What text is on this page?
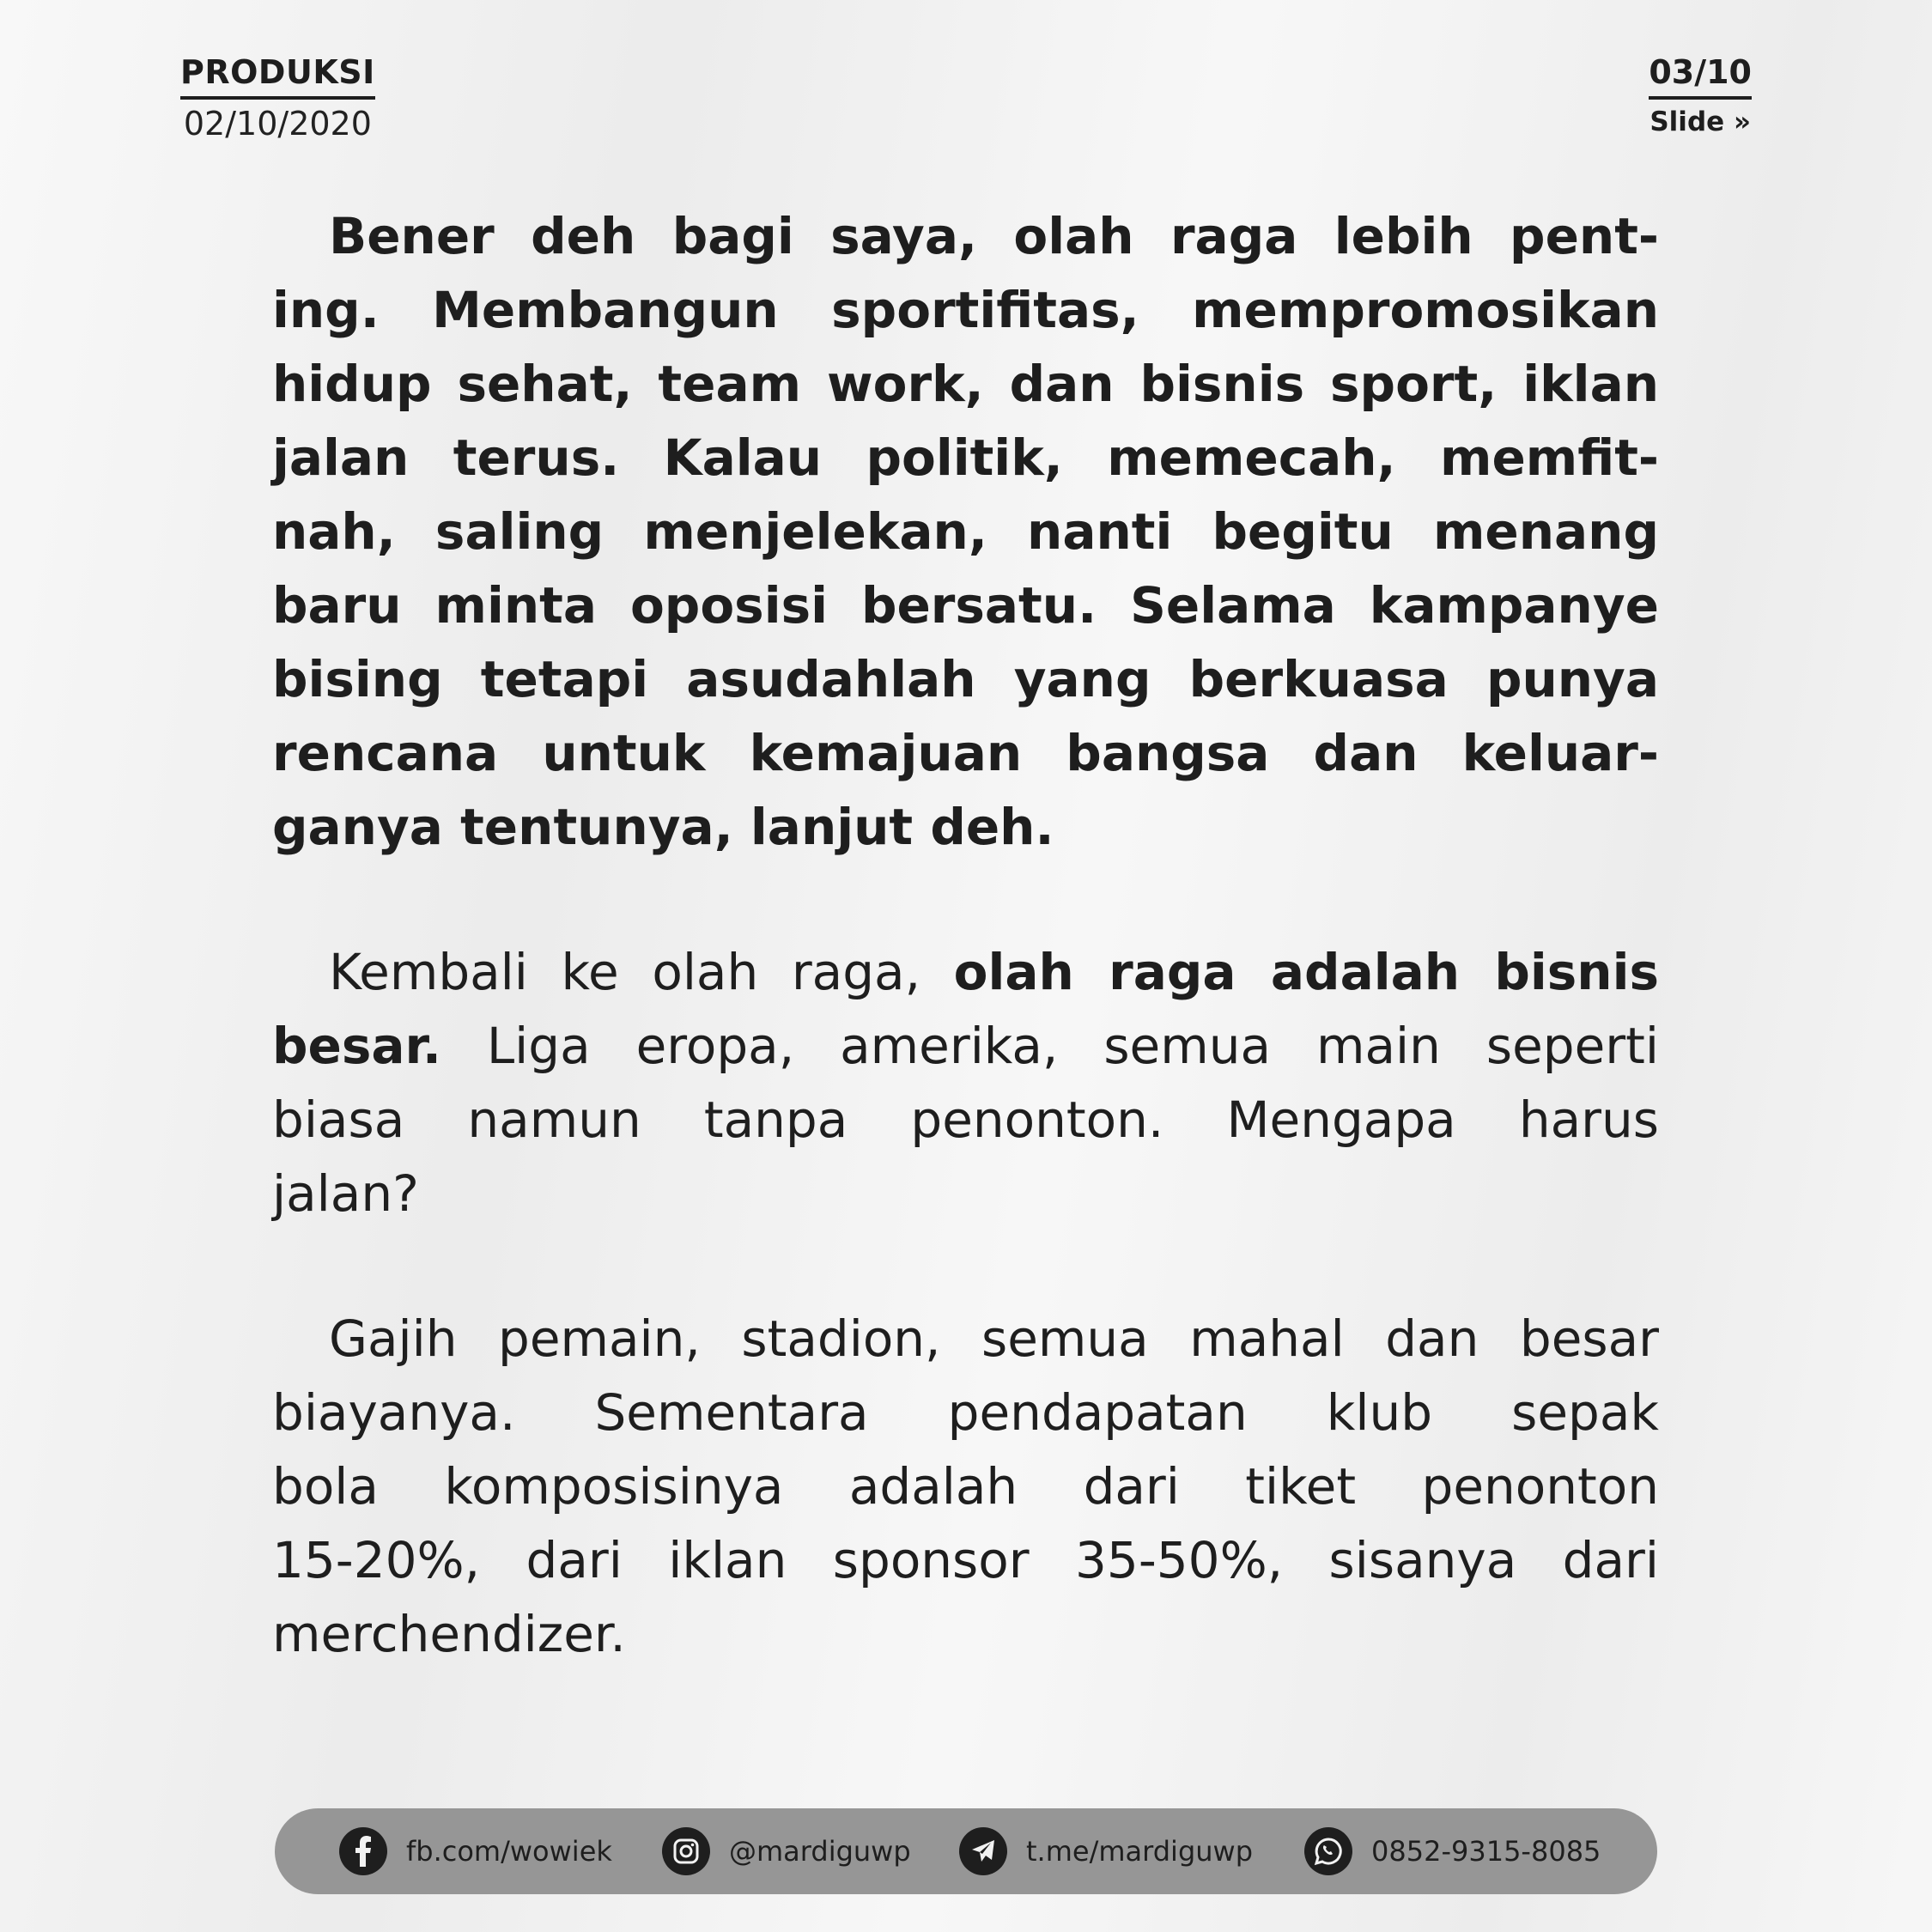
PRODUKSI
02/10/2020
03/10
Slide »
Bener deh bagi saya, olah raga lebih pent-
ing. Membangun sportifitas, mempromosikan
hidup sehat, team work, dan bisnis sport, iklan
jalan terus. Kalau politik, memecah, memfit-
nah, saling menjelekan, nanti begitu menang
baru minta oposisi bersatu. Selama kampanye
bising tetapi asudahlah yang berkuasa punya
rencana untuk kemajuan bangsa dan keluar-
ganya tentunya, lanjut deh.
Kembali ke olah raga, olah raga adalah bisnis
besar. Liga eropa, amerika, semua main seperti
biasa namun tanpa penonton. Mengapa harus
jalan?
Gajih pemain, stadion, semua mahal dan besar
biayanya. Sementara pendapatan klub sepak
bola komposisinya adalah dari tiket penonton
15-20%, dari iklan sponsor 35-50%, sisanya dari
merchendizer.
fb.com/wowiek	@mardiguwp	t.me/mardiguwp	0852-9315-8085
